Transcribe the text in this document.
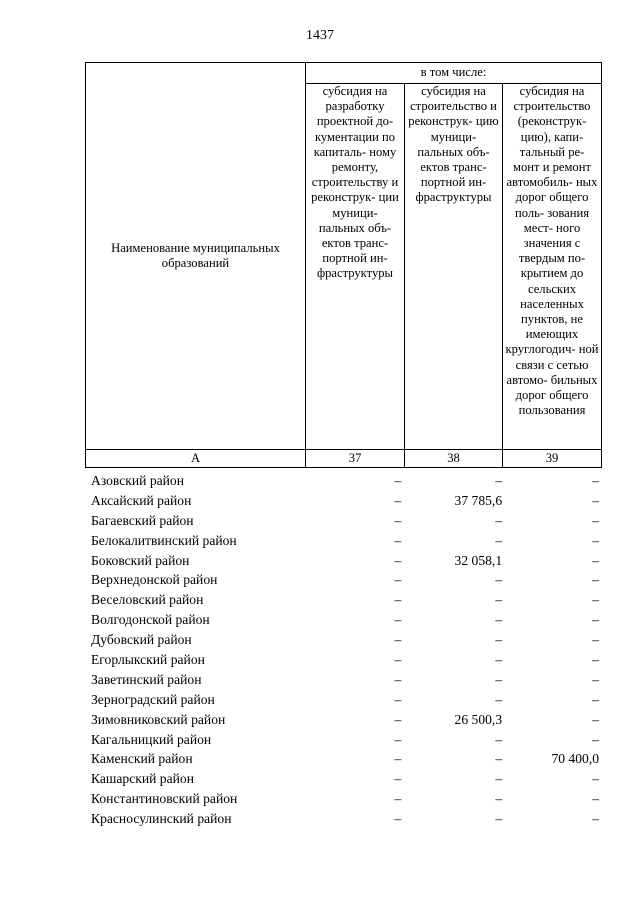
1437
Наименование муниципальных образований	в том числе:		
	субсидия на разработку проектной до- кументации по капиталь- ному ремонту, строительству и реконструк- ции муници- пальных объ- ектов транс- портной ин- фраструктуры	субсидия на строительство и реконструк- цию муници- пальных объ- ектов транс- портной ин- фраструктуры	субсидия на строительство (реконструк- цию), капи- тальный ре- монт и ремонт автомобиль- ных дорог общего поль- зования мест- ного значения с твердым по- крытием до сельских населенных пунктов, не имеющих круглогодич- ной связи с сетью автомо- бильных дорог общего пользования
А	37	38	39
Азовский район	–	–	–
Аксайский район	–	37 785,6	–
Багаевский район	–	–	–
Белокалитвинский район	–	–	–
Боковский район	–	32 058,1	–
Верхнедонской район	–	–	–
Веселовский район	–	–	–
Волгодонской район	–	–	–
Дубовский район	–	–	–
Егорлыкский район	–	–	–
Заветинский район	–	–	–
Зерноградский район	–	–	–
Зимовниковский район	–	26 500,3	–
Кагальницкий район	–	–	–
Каменский район	–	–	70 400,0
Кашарский район	–	–	–
Константиновский район	–	–	–
Красносулинский район	–	–	–
